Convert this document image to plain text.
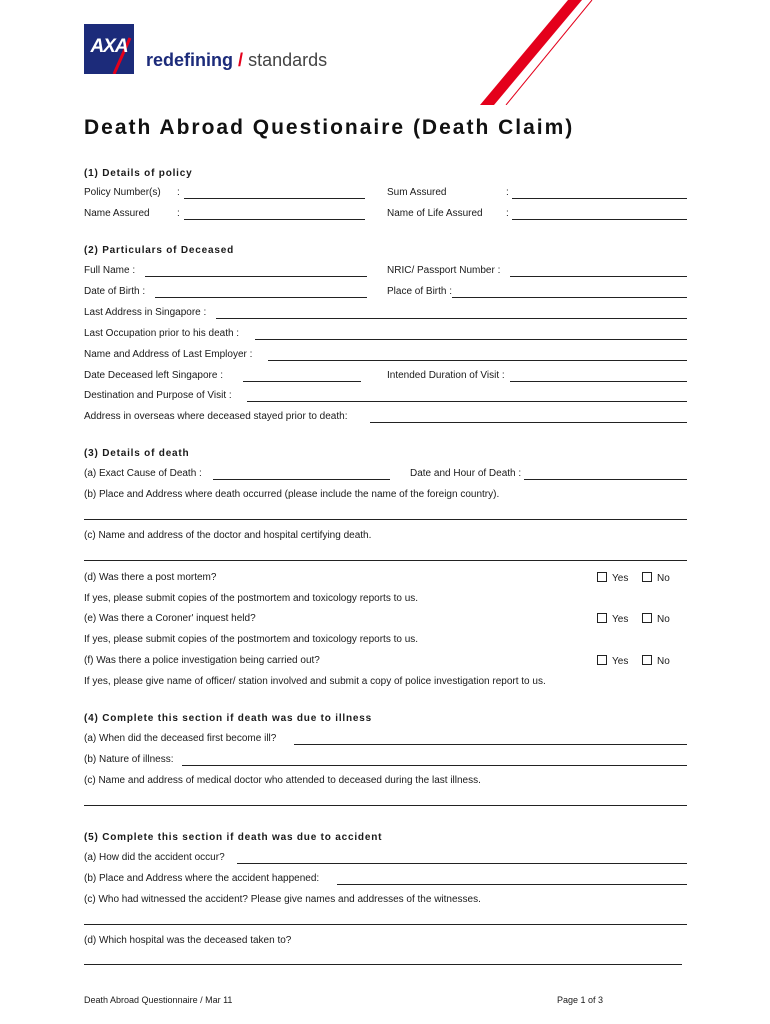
AXA
redefining / standards
Death Abroad Questionaire (Death Claim)
(1) Details of policy
Policy Number(s) :	Sum Assured	:
Name Assured	:	Name of Life Assured :
(2) Particulars of Deceased
Full Name :	NRIC/ Passport Number :
Date of Birth :	Place of Birth :
Last Address in Singapore :
Last Occupation prior to his death :
Name and Address of Last Employer :
Date Deceased left Singapore :	Intended Duration of Visit :
Destination and Purpose of Visit :
Address in overseas where deceased stayed prior to death:
(3) Details of death
(a) Exact Cause of Death :	Date and Hour of Death :
(b) Place and Address where death occurred (please include the name of the foreign country).
(c) Name and address of the doctor and hospital certifying death.
(d) Was there a post mortem?	Yes	No
If yes, please submit copies of the postmortem and toxicology reports to us.
(e) Was there a Coroner' inquest held?	Yes	No
If yes, please submit copies of the postmortem and toxicology reports to us.
(f) Was there a police investigation being carried out?	Yes	No
If yes, please give name of officer/ station involved and submit a copy of police investigation report to us.
(4) Complete this section if death was due to illness
(a) When did the deceased first become ill?
(b) Nature of illness:
(c) Name and address of medical doctor who attended to deceased during the last illness.
(5) Complete this section if death was due to accident
(a) How did the accident occur?
(b) Place and Address where the accident happened:
(c) Who had witnessed the accident? Please give names and addresses of the witnesses.
(d) Which hospital was the deceased taken to?
Death Abroad Questionnaire / Mar 11	Page 1 of 3
